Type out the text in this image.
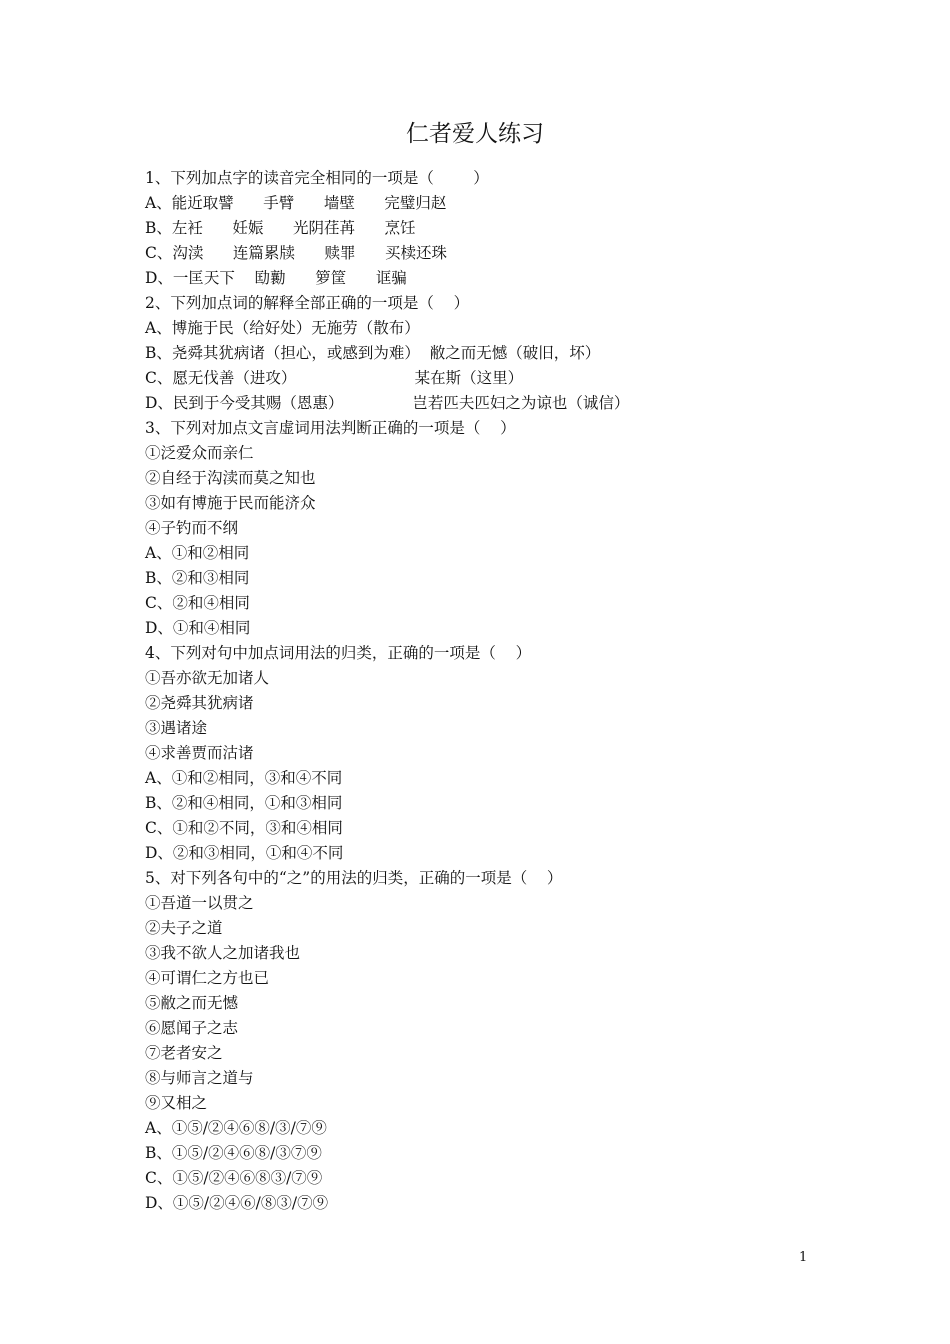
仁者爱人练习
1、下列加点字的读音完全相同的一项是（        ）
A、能近取譬      手臂      墙壁      完璧归赵
B、左衽      妊娠      光阴荏苒      烹饪
C、沟渎      连篇累牍      赎罪      买椟还珠
D、一匡天下    劻勷      箩筐      诓骗
2、下列加点词的解释全部正确的一项是（    ）
A、博施于民（给好处）无施劳（散布）
B、尧舜其犹病诸（担心，或感到为难）  敝之而无憾（破旧，坏）
C、愿无伐善（进攻）                        某在斯（这里）
D、民到于今受其赐（恩惠）              岂若匹夫匹妇之为谅也（诚信）
3、下列对加点文言虚词用法判断正确的一项是（    ）
①泛爱众而亲仁
②自经于沟渎而莫之知也
③如有博施于民而能济众
④子钓而不纲
A、①和②相同
B、②和③相同
C、②和④相同
D、①和④相同
4、下列对句中加点词用法的归类，正确的一项是（    ）
①吾亦欲无加诸人
②尧舜其犹病诸
③遇诸途
④求善贾而沽诸
A、①和②相同，③和④不同
B、②和④相同，①和③相同
C、①和②不同，③和④相同
D、②和③相同，①和④不同
5、对下列各句中的“之”的用法的归类，正确的一项是（    ）
①吾道一以贯之
②夫子之道
③我不欲人之加诸我也
④可谓仁之方也已
⑤敝之而无憾
⑥愿闻子之志
⑦老者安之
⑧与师言之道与
⑨又相之
A、①⑤/②④⑥⑧/③/⑦⑨
B、①⑤/②④⑥⑧/③⑦⑨
C、①⑤/②④⑥⑧③/⑦⑨
D、①⑤/②④⑥/⑧③/⑦⑨
1
